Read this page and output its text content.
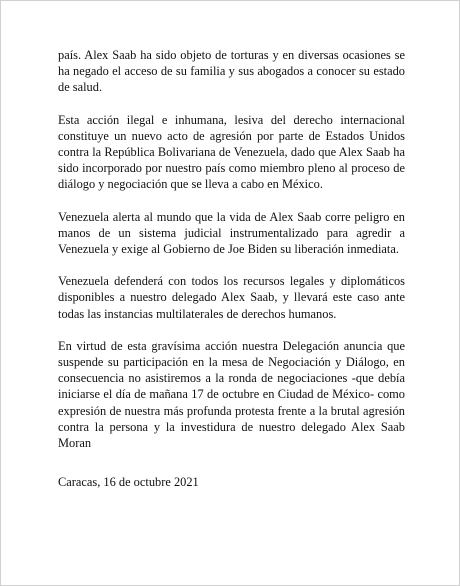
país. Alex Saab ha sido objeto de torturas y en diversas ocasiones se ha negado el acceso de su familia y sus abogados a conocer su estado de salud.

Esta acción ilegal e inhumana, lesiva del derecho internacional constituye un nuevo acto de agresión por parte de Estados Unidos contra la República Bolivariana de Venezuela, dado que Alex Saab ha sido incorporado por nuestro país como miembro pleno al proceso de diálogo y negociación que se lleva a cabo en México.

Venezuela alerta al mundo que la vida de Alex Saab corre peligro en manos de un sistema judicial instrumentalizado para agredir a Venezuela y exige al Gobierno de Joe Biden su liberación inmediata.

Venezuela defenderá con todos los recursos legales y diplomáticos disponibles a nuestro delegado Alex Saab, y llevará este caso ante todas las instancias multilaterales de derechos humanos.

En virtud de esta gravísima acción nuestra Delegación anuncia que suspende su participación en la mesa de Negociación y Diálogo, en consecuencia no asistiremos a la ronda de negociaciones -que debía iniciarse el día de mañana 17 de octubre en Ciudad de México- como expresión de nuestra más profunda protesta frente a la brutal agresión contra la persona y la investidura de nuestro delegado Alex Saab Moran

Caracas, 16 de octubre 2021
